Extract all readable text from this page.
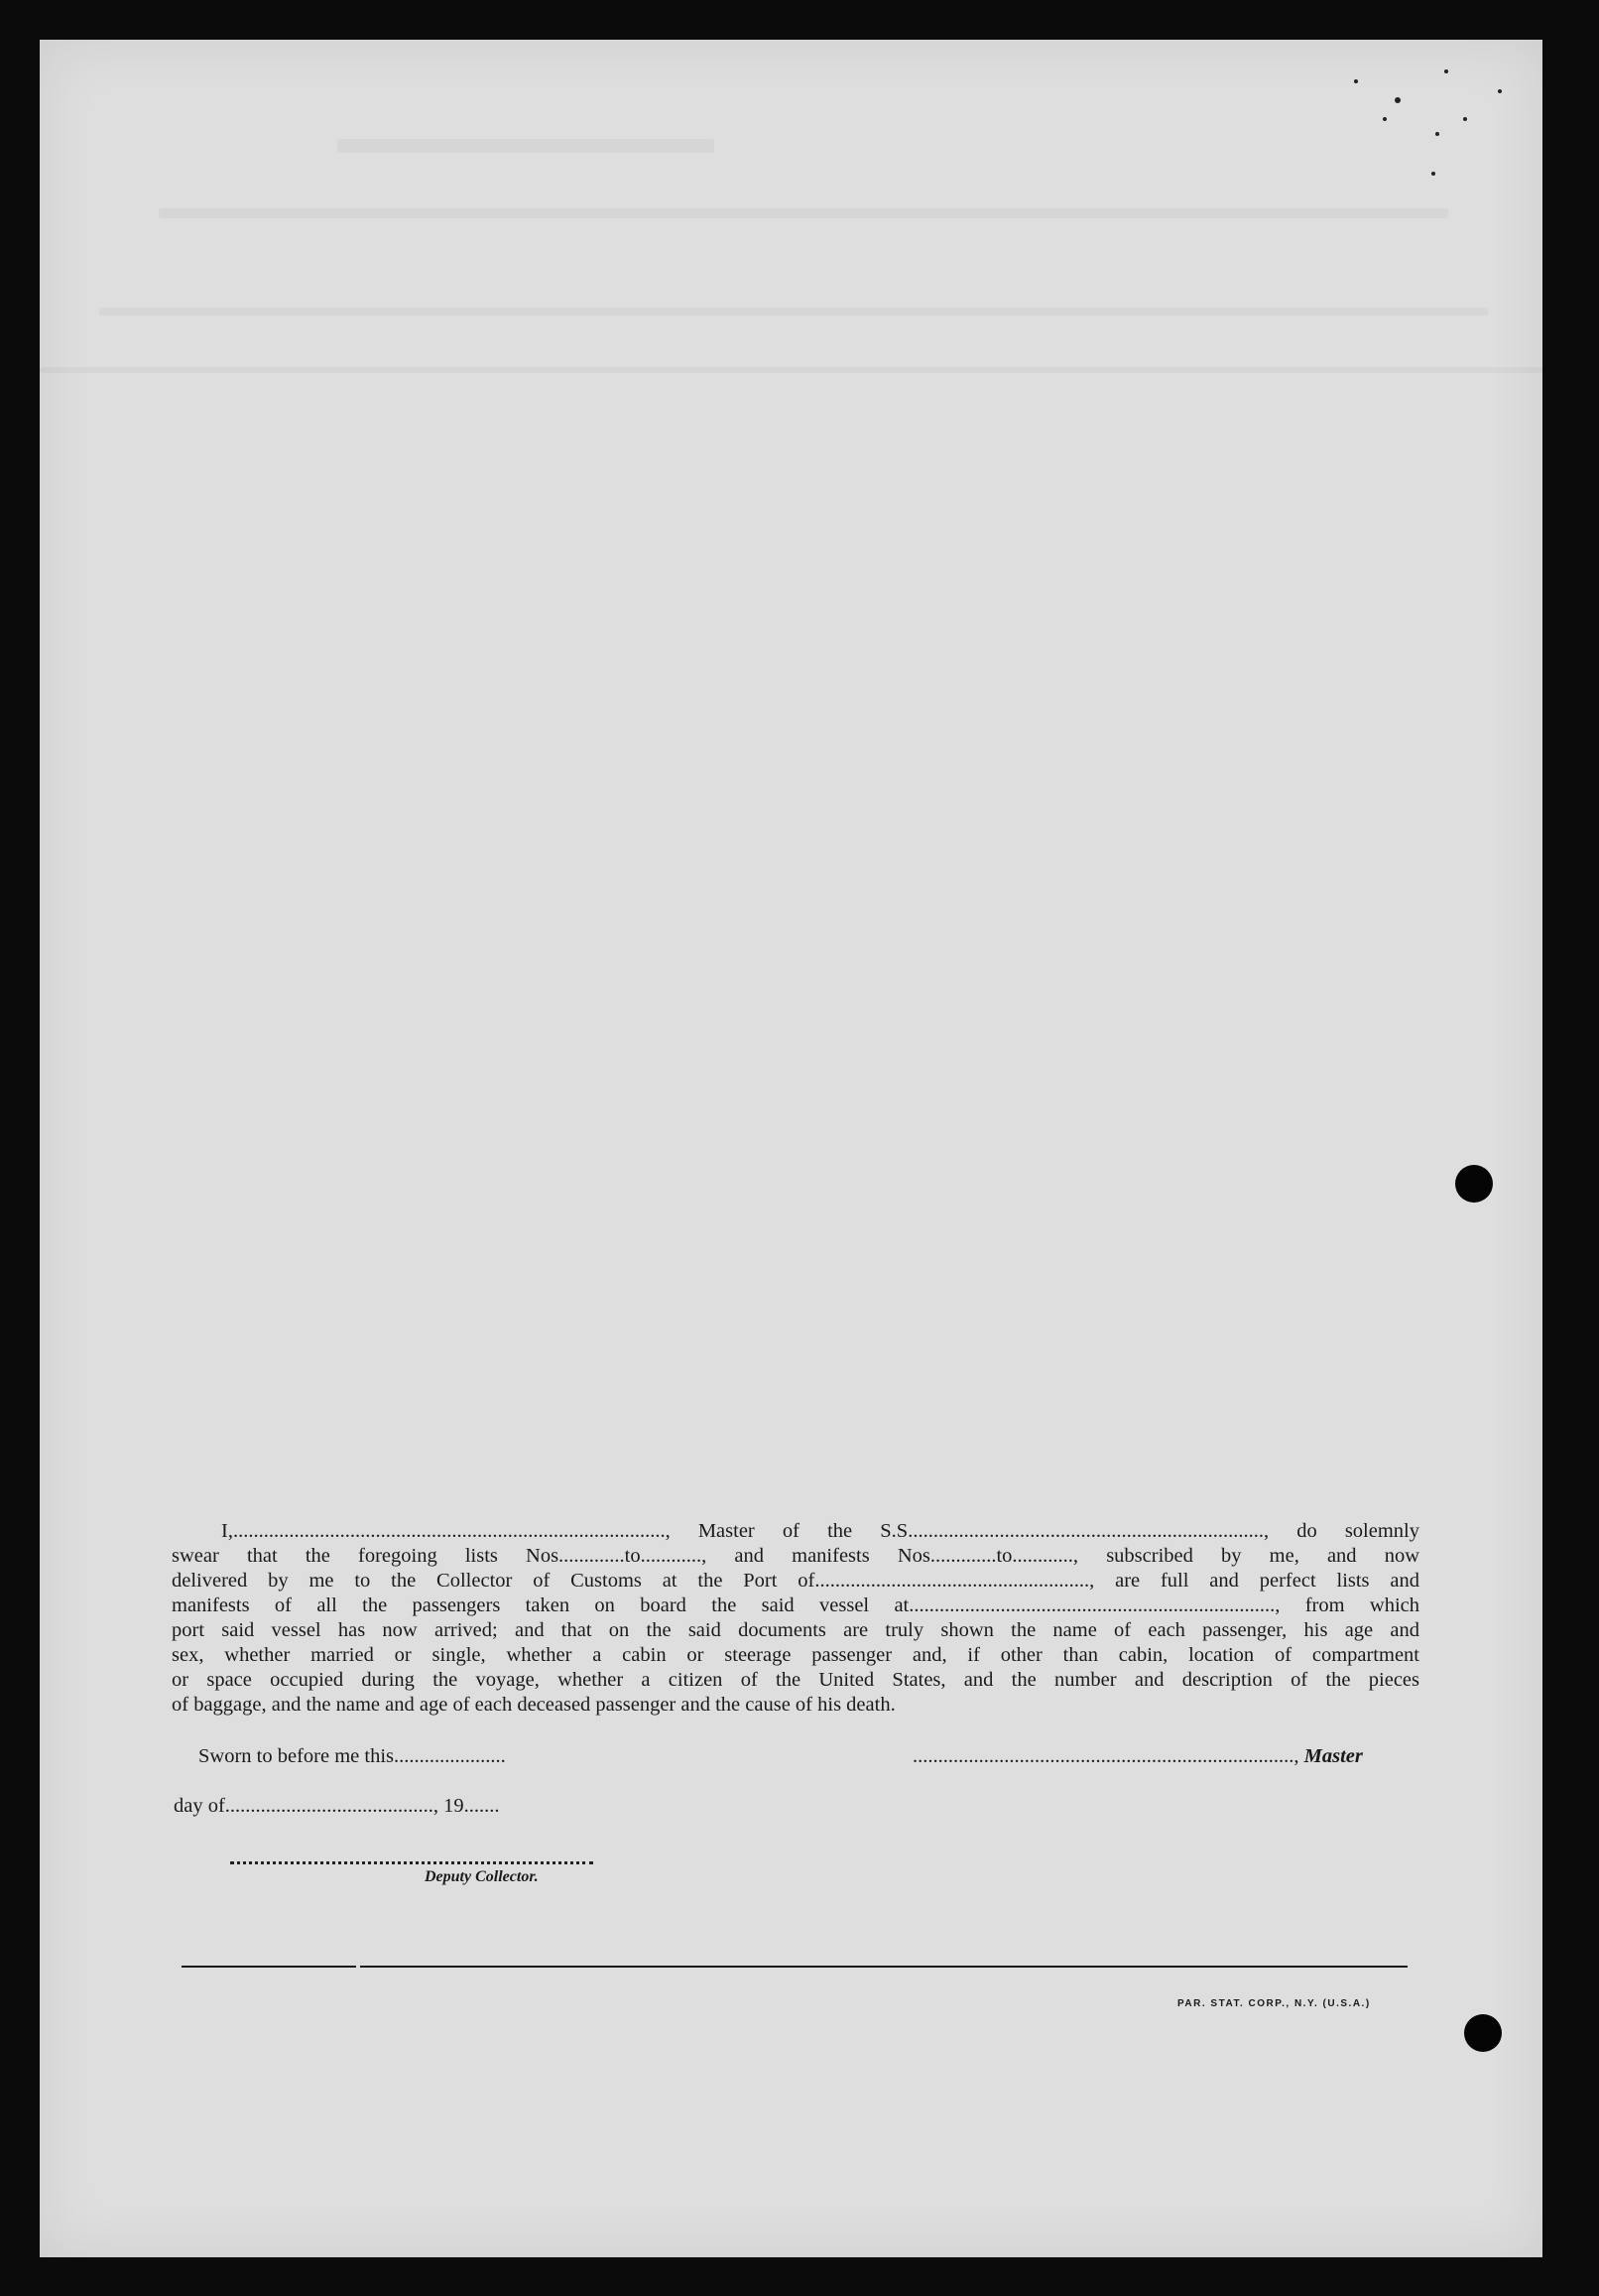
I,....................................................................................., Master of the S.S......................................................................, do solemnly
swear that the foregoing lists Nos.............to............, and manifests Nos.............to............, subscribed by me, and now
delivered by me to the Collector of Customs at the Port of......................................................, are full and perfect lists and
manifests of all the passengers taken on board the said vessel at........................................................................, from which
port said vessel has now arrived; and that on the said documents are truly shown the name of each passenger, his age and
sex, whether married or single, whether a cabin or steerage passenger and, if other than cabin, location of compartment
or space occupied during the voyage, whether a citizen of the United States, and the number and description of the pieces
of baggage, and the name and age of each deceased passenger and the cause of his death.
Sworn to before me this......................	..........................................................................., Master
day of........................................., 19.......
Deputy Collector.
PAR. STAT. CORP., N.Y. (U.S.A.)
